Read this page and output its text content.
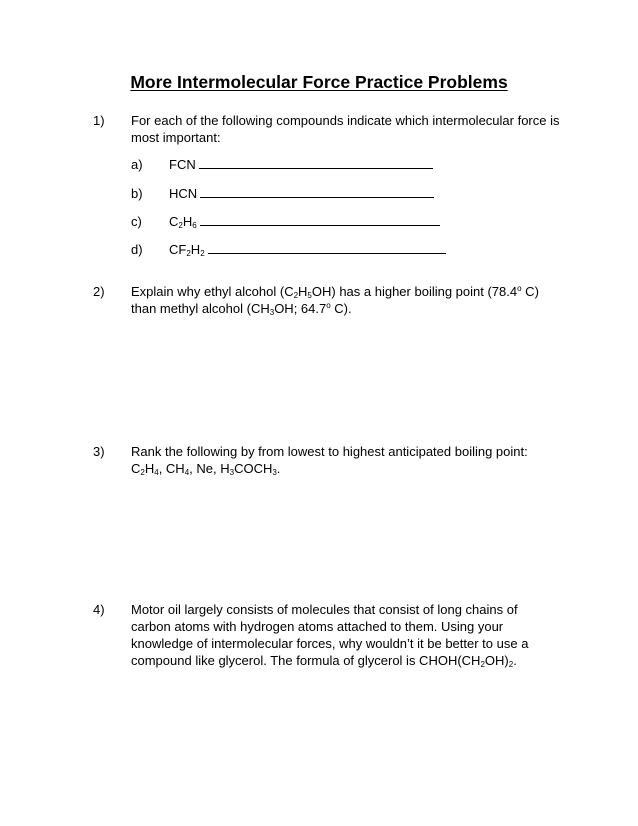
More Intermolecular Force Practice Problems
1) For each of the following compounds indicate which intermolecular force is
most important:
a) FCN
b) HCN
c) $C_2H_6$
d) $CF_2H_2$
2) Explain why ethyl alcohol $(C_2H_5OH)$ has a higher boiling point (78.4$^o$ C)
than methyl alcohol ($CH_3OH$; 64.7$^o$ C).
3) Rank the following by from lowest to highest anticipated boiling point:
$C_2H_4$, $CH_4$, Ne, $H_3COCH_3$.
4) Motor oil largely consists of molecules that consist of long chains of
carbon atoms with hydrogen atoms attached to them. Using your
knowledge of intermolecular forces, why wouldn’t it be better to use a
compound like glycerol. The formula of glycerol is $CHOH(CH_2OH)_2$.
